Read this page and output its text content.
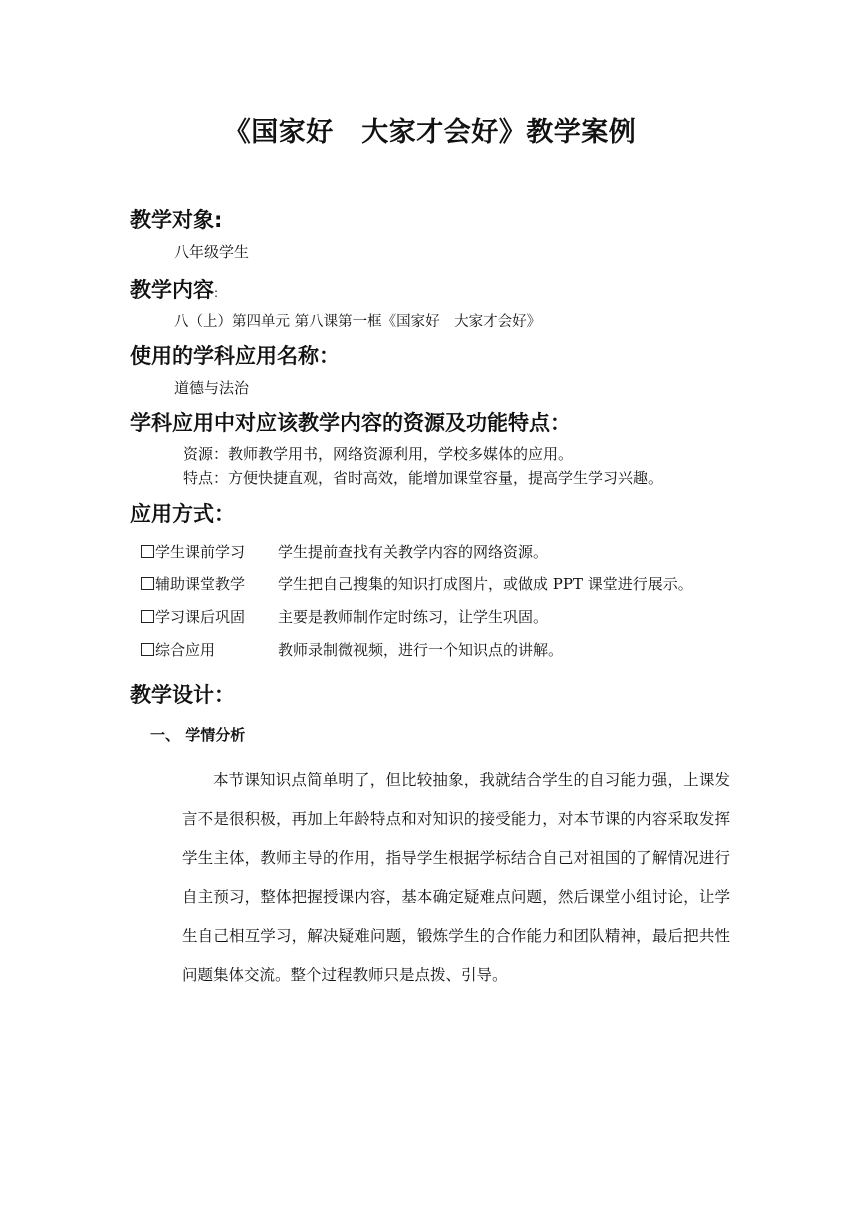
《国家好　大家才会好》教学案例
教学对象:
八年级学生
教学内容:
八（上）第四单元 第八课第一框《国家好　大家才会好》
使用的学科应用名称：
道德与法治
学科应用中对应该教学内容的资源及功能特点：
资源：教师教学用书，网络资源利用，学校多媒体的应用。
特点：方便快捷直观，省时高效，能增加课堂容量，提高学生学习兴趣。
应用方式：
学生课前学习 学生提前查找有关教学内容的网络资源。
辅助课堂教学 学生把自己搜集的知识打成图片，或做成 PPT 课堂进行展示。
学习课后巩固 主要是教师制作定时练习，让学生巩固。
综合应用	教师录制微视频，进行一个知识点的讲解。
教学设计：
一、 学情分析

本节课知识点简单明了，但比较抽象，我就结合学生的自习能力强，上课发言不是很积极，再加上年龄特点和对知识的接受能力，对本节课的内容采取发挥学生主体，教师主导的作用，指导学生根据学标结合自己对祖国的了解情况进行自主预习，整体把握授课内容，基本确定疑难点问题，然后课堂小组讨论，让学生自己相互学习，解决疑难问题，锻炼学生的合作能力和团队精神，最后把共性问题集体交流。整个过程教师只是点拨、引导。
